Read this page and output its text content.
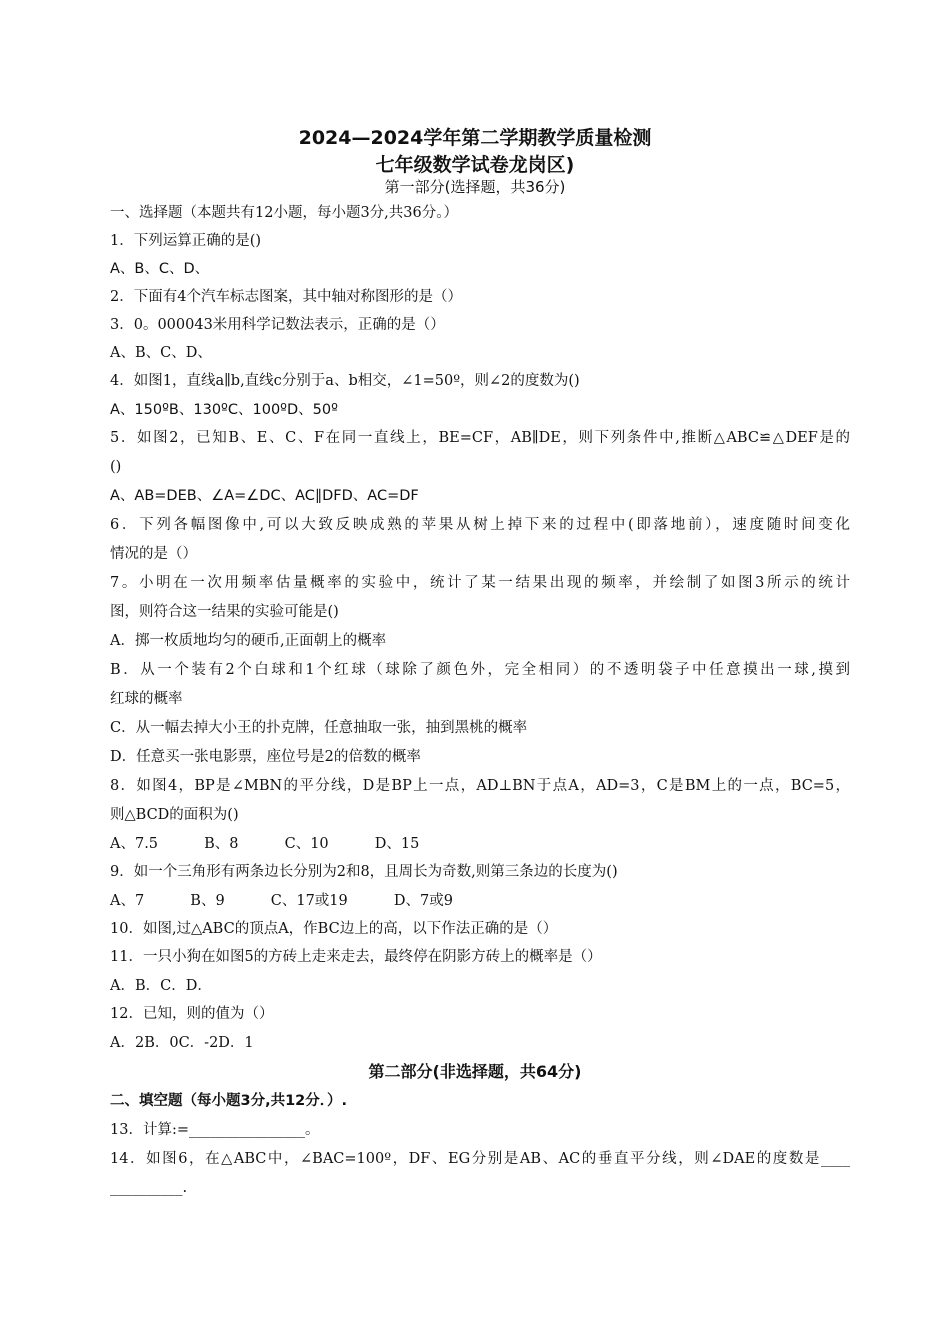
2024—2024学年第二学期教学质量检测
七年级数学试卷龙岗区)
第一部分(选择题，共36分)
一、选择题（本题共有12小题，每小题3分,共36分。）
1．下列运算正确的是()
A、B、C、D、
2．下面有4个汽车标志图案，其中轴对称图形的是（）
3．0。000043米用科学记数法表示，正确的是（）
A、B、C、D、
4．如图1，直线a∥b,直线c分别于a、b相交，∠1=50º，则∠2的度数为()
A、150ºB、130ºC、100ºD、50º
5．如图2，已知B、E、C、F在同一直线上，BE=CF，AB∥DE，则下列条件中,推断△ABC≌△DEF是的
()
A、AB=DEB、∠A=∠DC、AC∥DFD、AC=DF
6．下列各幅图像中,可以大致反映成熟的苹果从树上掉下来的过程中(即落地前），速度随时间变化
情况的是（）
7。小明在一次用频率估量概率的实验中，统计了某一结果出现的频率，并绘制了如图3所示的统计
图，则符合这一结果的实验可能是()
A．掷一枚质地均匀的硬币,正面朝上的概率
B．从一个装有2个白球和1个红球（球除了颜色外，完全相同）的不透明袋子中任意摸出一球,摸到
红球的概率
C．从一幅去掉大小王的扑克牌，任意抽取一张，抽到黑桃的概率
D．任意买一张电影票，座位号是2的倍数的概率
8．如图4，BP是∠MBN的平分线，D是BP上一点，AD⊥BN于点A，AD=3，C是BM上的一点，BC=5，
则△BCD的面积为()
A、7.5          B、8          C、10          D、15
9．如一个三角形有两条边长分别为2和8，且周长为奇数,则第三条边的长度为()
A、7          B、9          C、17或19          D、7或9
10．如图,过△ABC的顶点A，作BC边上的高，以下作法正确的是（）
11．一只小狗在如图5的方砖上走来走去，最终停在阴影方砖上的概率是（）
A．B．C．D．
12．已知，则的值为（）
A．2B．0C．-2D．1
第二部分(非选择题，共64分)
二、填空题（每小题3分,共12分．）.
13．计算:=________________。
14．如图6，在△ABC中，∠BAC=100º，DF、EG分别是AB、AC的垂直平分线，则∠DAE的度数是____
__________.
